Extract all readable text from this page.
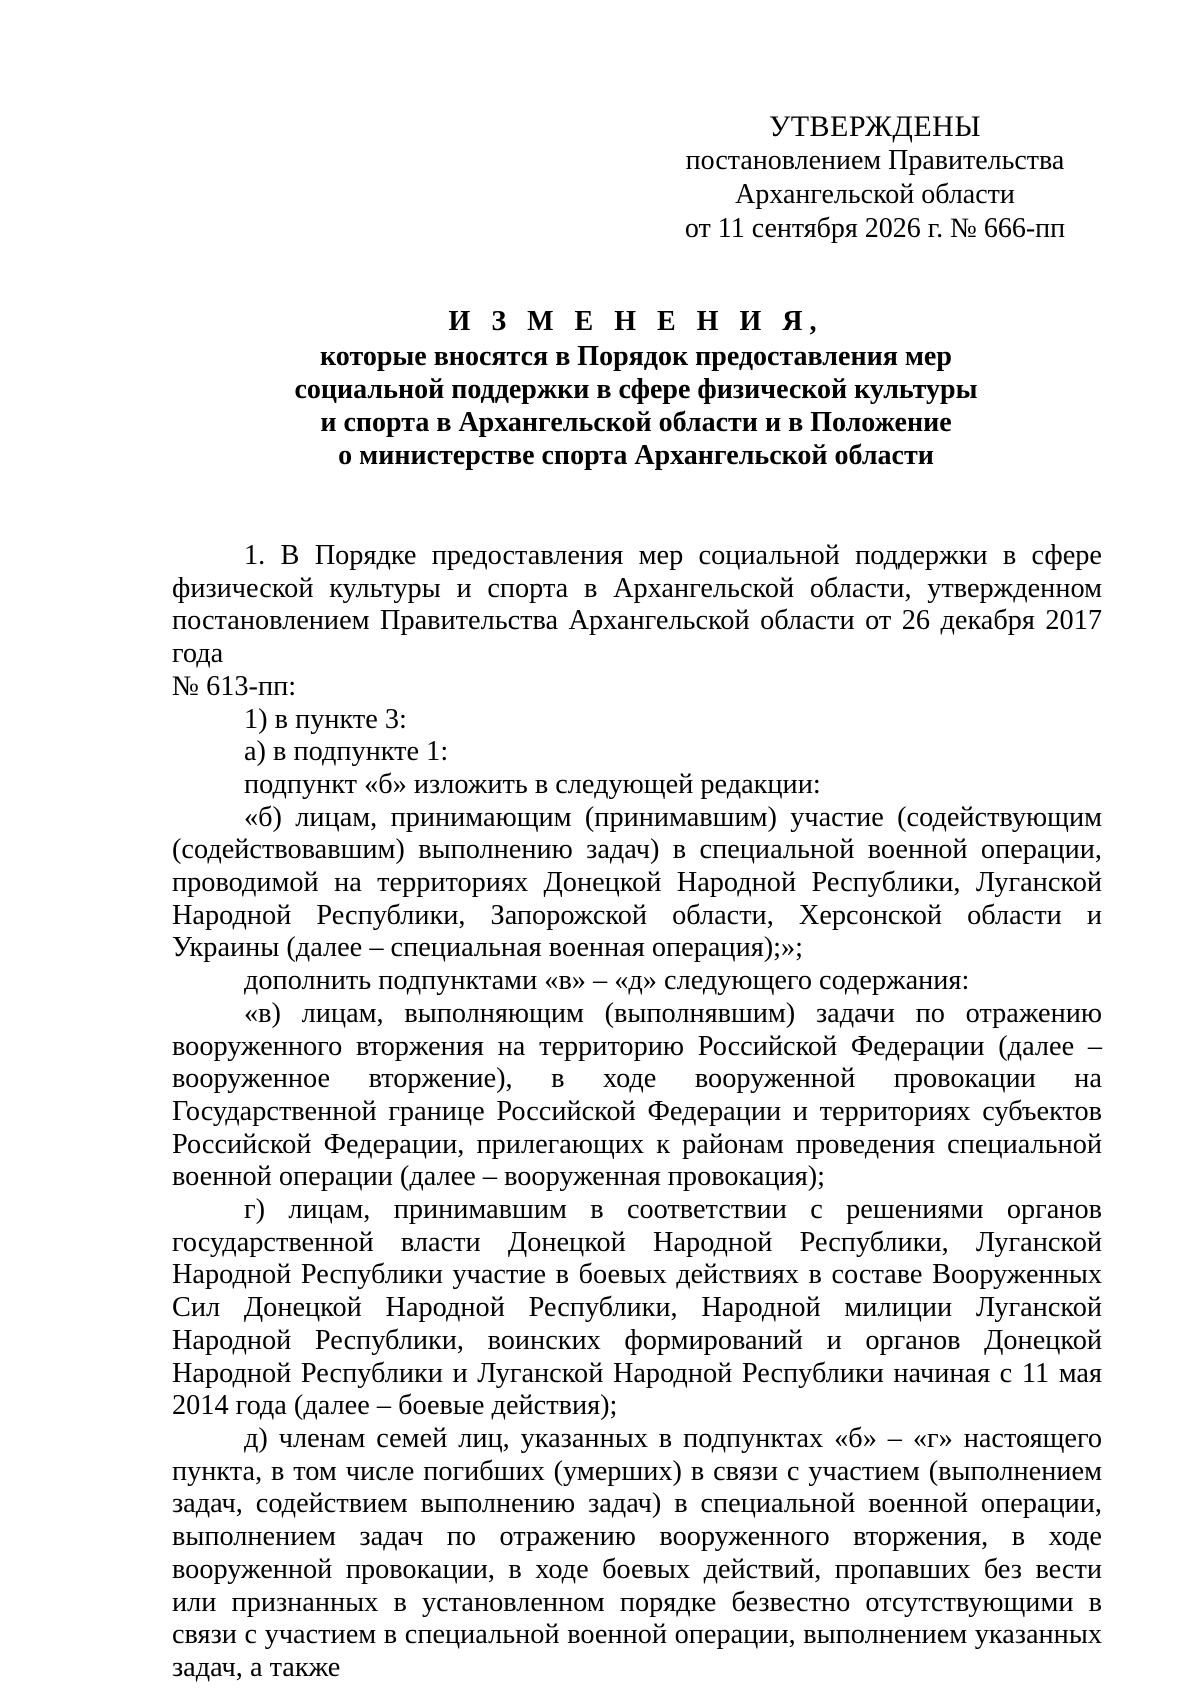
УТВЕРЖДЕНЫ
постановлением Правительства
Архангельской области
от 11 сентября 2026 г. № 666-пп
И З М Е Н Е Н И Я,
которые вносятся в Порядок предоставления мер
социальной поддержки в сфере физической культуры
и спорта в Архангельской области и в Положение
о министерстве спорта Архангельской области

1. В Порядке предоставления мер социальной поддержки в сфере физической культуры и спорта в Архангельской области, утвержденном постановлением Правительства Архангельской области от 26 декабря 2017 года
№ 613-пп:

1) в пункте 3:

а) в подпункте 1:

подпункт «б» изложить в следующей редакции:

«б) лицам, принимающим (принимавшим) участие (содействующим (содействовавшим) выполнению задач) в специальной военной операции, проводимой на территориях Донецкой Народной Республики, Луганской Народной Республики, Запорожской области, Херсонской области и Украины (далее – специальная военная операция);»;

дополнить подпунктами «в» – «д» следующего содержания:

«в) лицам, выполняющим (выполнявшим) задачи по отражению вооруженного вторжения на территорию Российской Федерации (далее – вооруженное вторжение), в ходе вооруженной провокации на Государственной границе Российской Федерации и территориях субъектов Российской Федерации, прилегающих к районам проведения специальной военной операции (далее – вооруженная провокация);

г) лицам, принимавшим в соответствии с решениями органов государственной власти Донецкой Народной Республики, Луганской Народной Республики участие в боевых действиях в составе Вооруженных Сил Донецкой Народной Республики, Народной милиции Луганской Народной Республики, воинских формирований и органов Донецкой Народной Республики и Луганской Народной Республики начиная с 11 мая 2014 года (далее – боевые действия);

д) членам семей лиц, указанных в подпунктах «б» – «г» настоящего пункта, в том числе погибших (умерших) в связи с участием (выполнением задач, содействием выполнению задач) в специальной военной операции, выполнением задач по отражению вооруженного вторжения, в ходе вооруженной провокации, в ходе боевых действий, пропавших без вести или признанных в установленном порядке безвестно отсутствующими в связи с участием в специальной военной операции, выполнением указанных задач, а также
